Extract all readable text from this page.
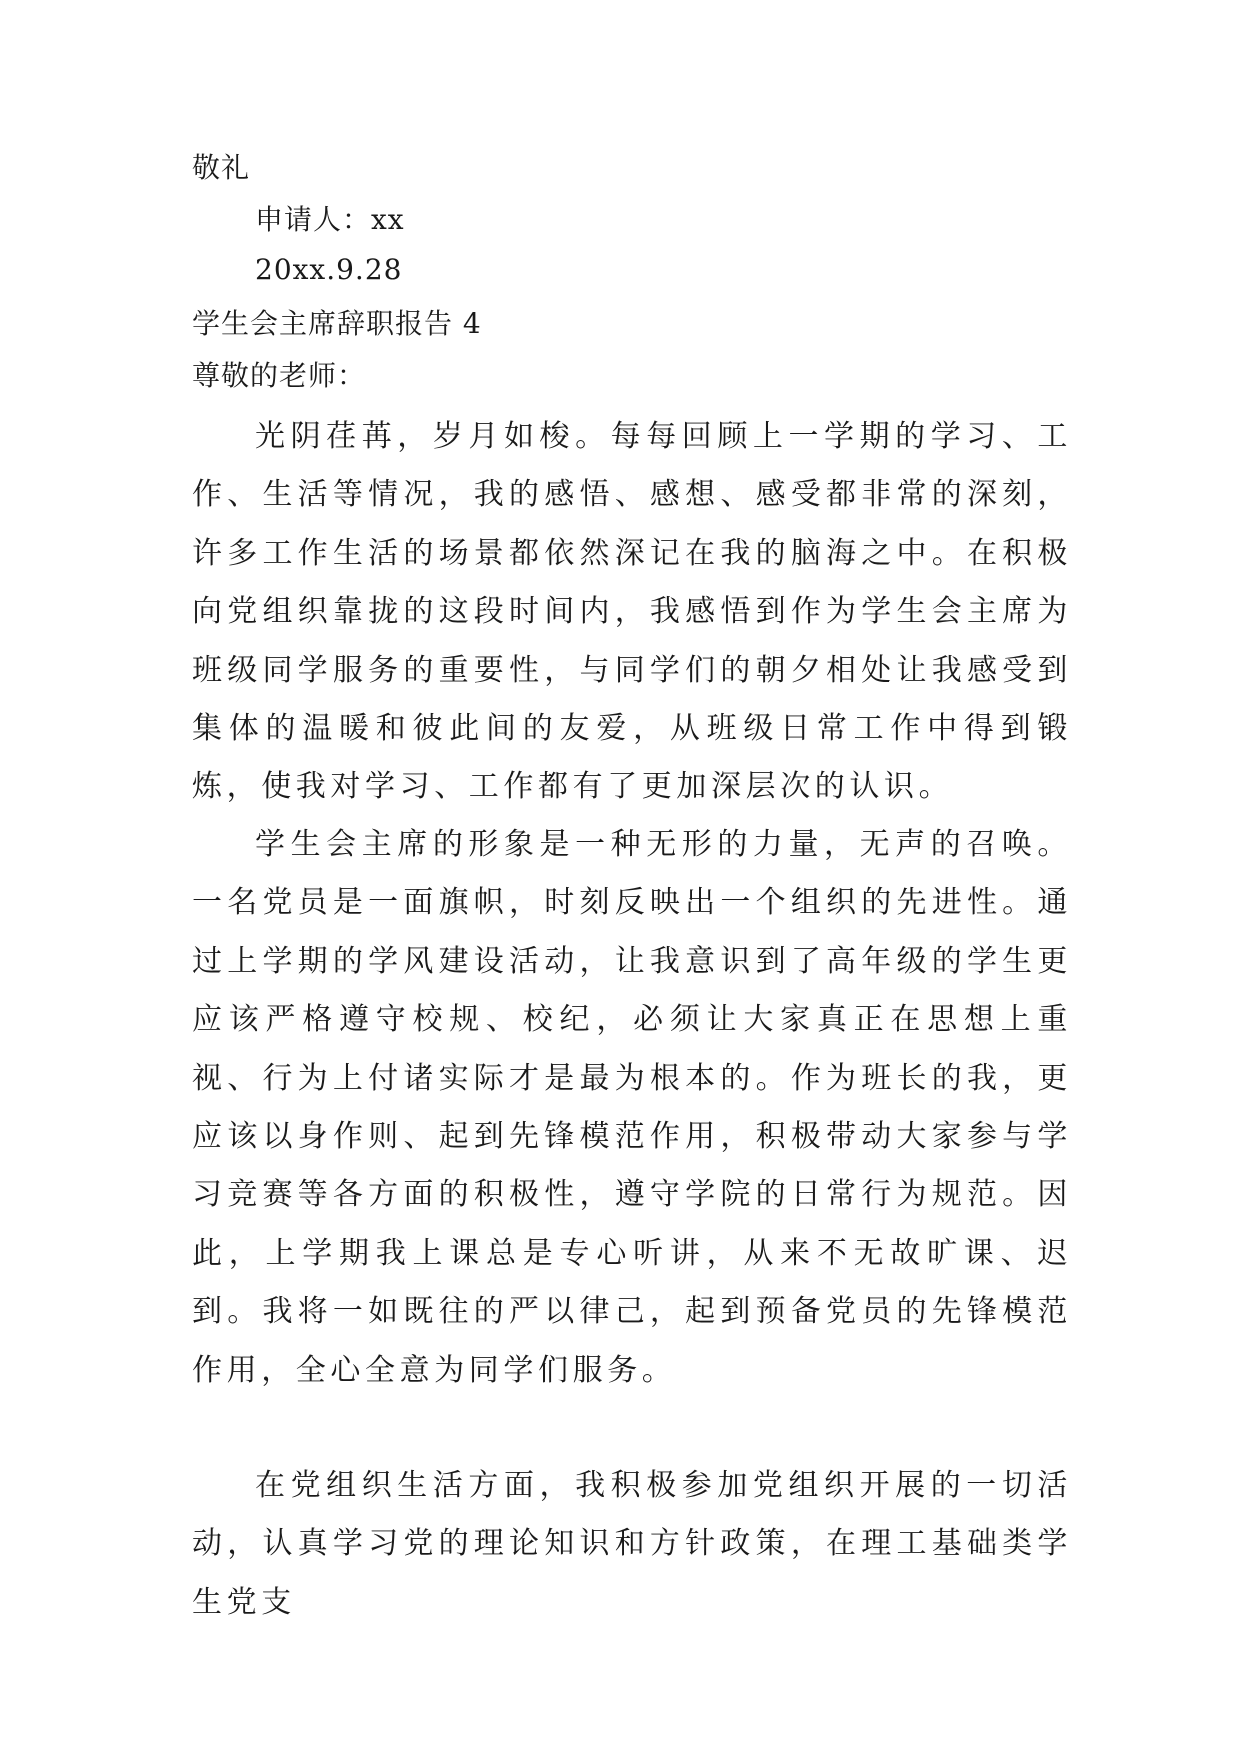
敬礼
申请人：xx
20xx.9.28
学生会主席辞职报告 4
尊敬的老师：

光阴荏苒，岁月如梭。每每回顾上一学期的学习、工作、生活等情况，我的感悟、感想、感受都非常的深刻，许多工作生活的场景都依然深记在我的脑海之中。在积极向党组织靠拢的这段时间内，我感悟到作为学生会主席为班级同学服务的重要性，与同学们的朝夕相处让我感受到集体的温暖和彼此间的友爱，从班级日常工作中得到锻炼，使我对学习、工作都有了更加深层次的认识。

学生会主席的形象是一种无形的力量，无声的召唤。一名党员是一面旗帜，时刻反映出一个组织的先进性。通过上学期的学风建设活动，让我意识到了高年级的学生更应该严格遵守校规、校纪，必须让大家真正在思想上重视、行为上付诸实际才是最为根本的。作为班长的我，更应该以身作则、起到先锋模范作用，积极带动大家参与学习竞赛等各方面的积极性，遵守学院的日常行为规范。因此，上学期我上课总是专心听讲，从来不无故旷课、迟到。我将一如既往的严以律己，起到预备党员的先锋模范作用，全心全意为同学们服务。

在党组织生活方面，我积极参加党组织开展的一切活动，认真学习党的理论知识和方针政策，在理工基础类学生党支
